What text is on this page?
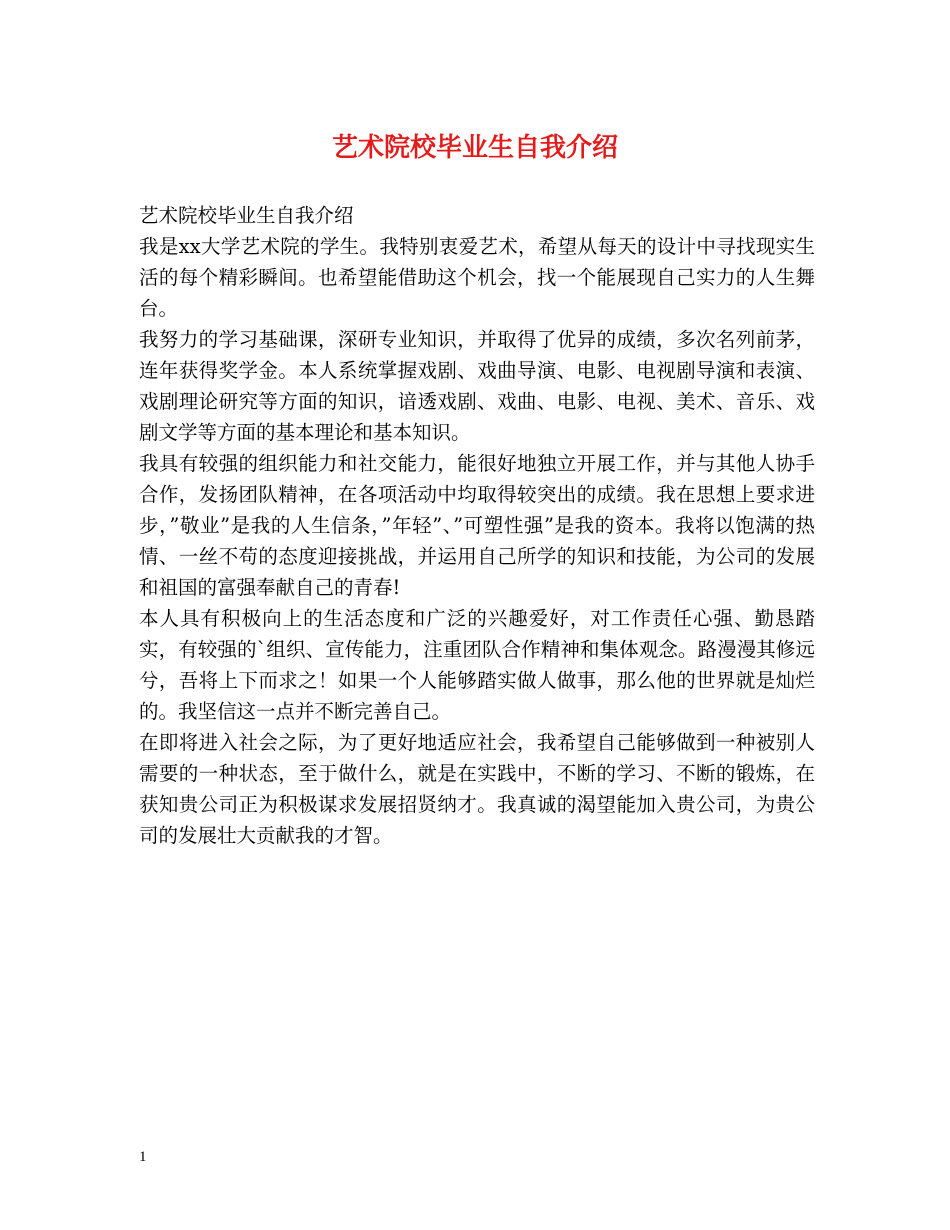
艺术院校毕业生自我介绍

艺术院校毕业生自我介绍

我是xx大学艺术院的学生。我特别衷爱艺术，希望从每天的设计中寻找现实生活的每个精彩瞬间。也希望能借助这个机会，找一个能展现自己实力的人生舞台。

我努力的学习基础课，深研专业知识，并取得了优异的成绩，多次名列前茅，连年获得奖学金。本人系统掌握戏剧、戏曲导演、电影、电视剧导演和表演、戏剧理论研究等方面的知识，谙透戏剧、戏曲、电影、电视、美术、音乐、戏剧文学等方面的基本理论和基本知识。

我具有较强的组织能力和社交能力，能很好地独立开展工作，并与其他人协手合作，发扬团队精神，在各项活动中均取得较突出的成绩。我在思想上要求进步，”敬业”是我的人生信条，”年轻”、”可塑性强”是我的资本。我将以饱满的热情、一丝不苟的态度迎接挑战，并运用自己所学的知识和技能，为公司的发展和祖国的富强奉献自己的青春!

本人具有积极向上的生活态度和广泛的兴趣爱好，对工作责任心强、勤恳踏实，有较强的`组织、宣传能力，注重团队合作精神和集体观念。路漫漫其修远兮，吾将上下而求之！如果一个人能够踏实做人做事，那么他的世界就是灿烂的。我坚信这一点并不断完善自己。

在即将进入社会之际，为了更好地适应社会，我希望自己能够做到一种被别人需要的一种状态，至于做什么，就是在实践中，不断的学习、不断的锻炼，在获知贵公司正为积极谋求发展招贤纳才。我真诚的渴望能加入贵公司，为贵公司的发展壮大贡献我的才智。

1
